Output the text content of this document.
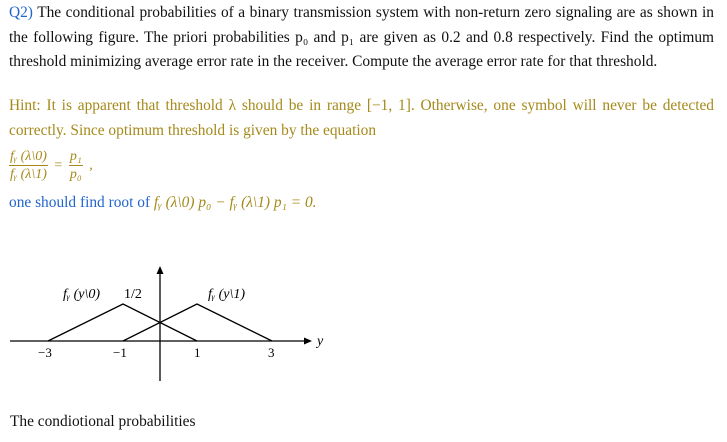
Q2) The conditional probabilities of a binary transmission system with non-return zero signaling are as shown in the following figure. The priori probabilities p₀ and p₁ are given as 0.2 and 0.8 respectively. Find the optimum threshold minimizing average error rate in the receiver. Compute the average error rate for that threshold.
Hint: It is apparent that threshold λ should be in range [−1, 1]. Otherwise, one symbol will never be detected correctly. Since optimum threshold is given by the equation
$\frac{\text{fᵧ (λ\textbackslash{}0)}}{\text{fᵧ (λ\textbackslash{}1)}} = \frac{\text{p₁}}{\text{p₀}}$ ,
one should find root of fᵧ (λ\0) p₀ − fᵧ (λ\1) p₁ = 0.
fᵧ (y\0) 1/2	fᵧ (y\1)
y
−3	−1	1	3
The condiotional probabilities
